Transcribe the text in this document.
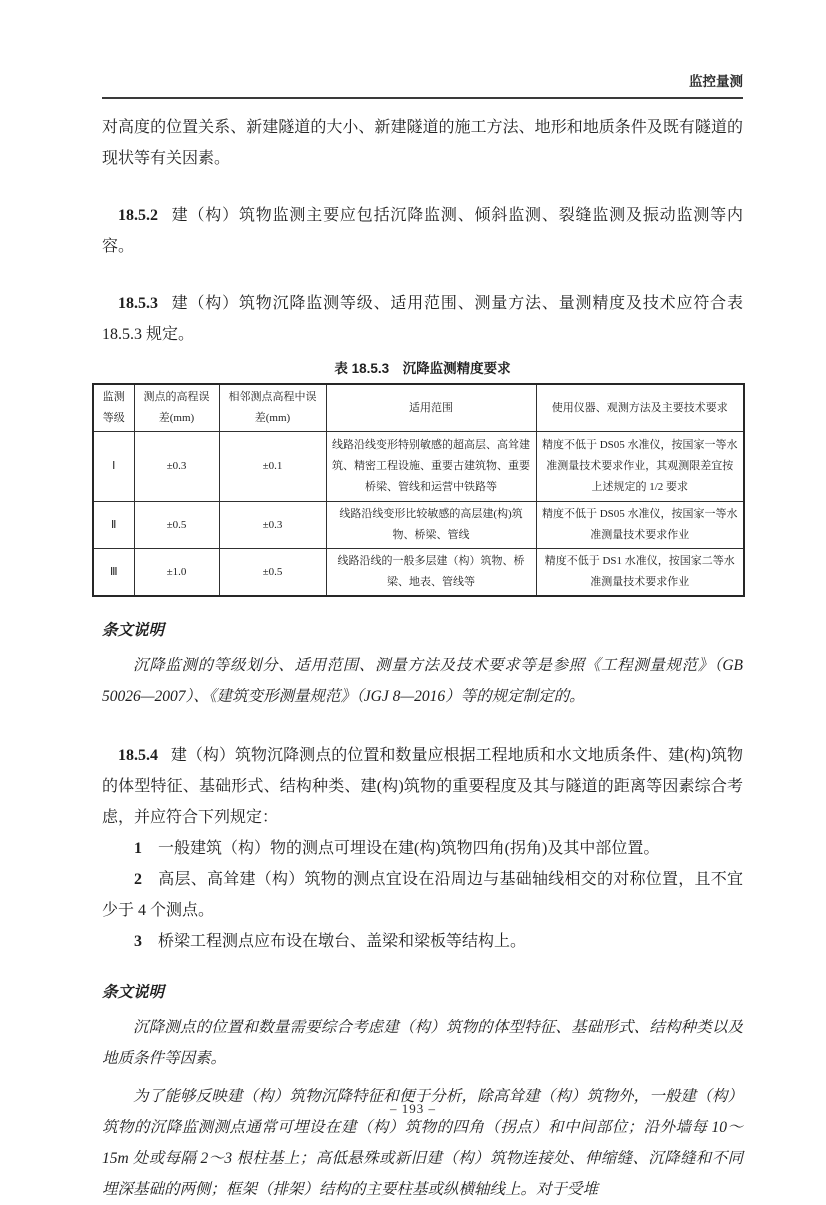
监控量测

对高度的位置关系、新建隧道的大小、新建隧道的施工方法、地形和地质条件及既有隧道的现状等有关因素。

18.5.2 建（构）筑物监测主要应包括沉降监测、倾斜监测、裂缝监测及振动监测等内容。

18.5.3 建（构）筑物沉降监测等级、适用范围、测量方法、量测精度及技术应符合表 18.5.3 规定。

表 18.5.3　沉降监测精度要求
监测等级	测点的高程误差(mm)	相邻测点高程中误差(mm)	适用范围	使用仪器、观测方法及主要技术要求
Ⅰ	±0.3	±0.1	线路沿线变形特别敏感的超高层、高耸建筑、精密工程设施、重要古建筑物、重要桥梁、管线和运营中铁路等	精度不低于 DS05 水准仪，按国家一等水准测量技术要求作业，其观测限差宜按上述规定的 1/2 要求
Ⅱ	±0.5	±0.3	线路沿线变形比较敏感的高层建(构)筑物、桥梁、管线	精度不低于 DS05 水准仪，按国家一等水准测量技术要求作业
Ⅲ	±1.0	±0.5	线路沿线的一般多层建（构）筑物、桥梁、地表、管线等	精度不低于 DS1 水准仪，按国家二等水准测量技术要求作业
条文说明

沉降监测的等级划分、适用范围、测量方法及技术要求等是参照《工程测量规范》（GB 50026—2007）、《建筑变形测量规范》（JGJ 8—2016）等的规定制定的。

18.5.4 建（构）筑物沉降测点的位置和数量应根据工程地质和水文地质条件、建(构)筑物的体型特征、基础形式、结构种类、建(构)筑物的重要程度及其与隧道的距离等因素综合考虑，并应符合下列规定：

1 一般建筑（构）物的测点可埋设在建(构)筑物四角(拐角)及其中部位置。

2 高层、高耸建（构）筑物的测点宜设在沿周边与基础轴线相交的对称位置，且不宜少于 4 个测点。

3 桥梁工程测点应布设在墩台、盖梁和梁板等结构上。

条文说明

沉降测点的位置和数量需要综合考虑建（构）筑物的体型特征、基础形式、结构种类以及地质条件等因素。

为了能够反映建（构）筑物沉降特征和便于分析，除高耸建（构）筑物外，一般建（构）筑物的沉降监测测点通常可埋设在建（构）筑物的四角（拐点）和中间部位；沿外墙每 10～15m 处或每隔 2～3 根柱基上；高低悬殊或新旧建（构）筑物连接处、伸缩缝、沉降缝和不同埋深基础的两侧；框架（排架）结构的主要柱基或纵横轴线上。对于受堆

– 193 –
